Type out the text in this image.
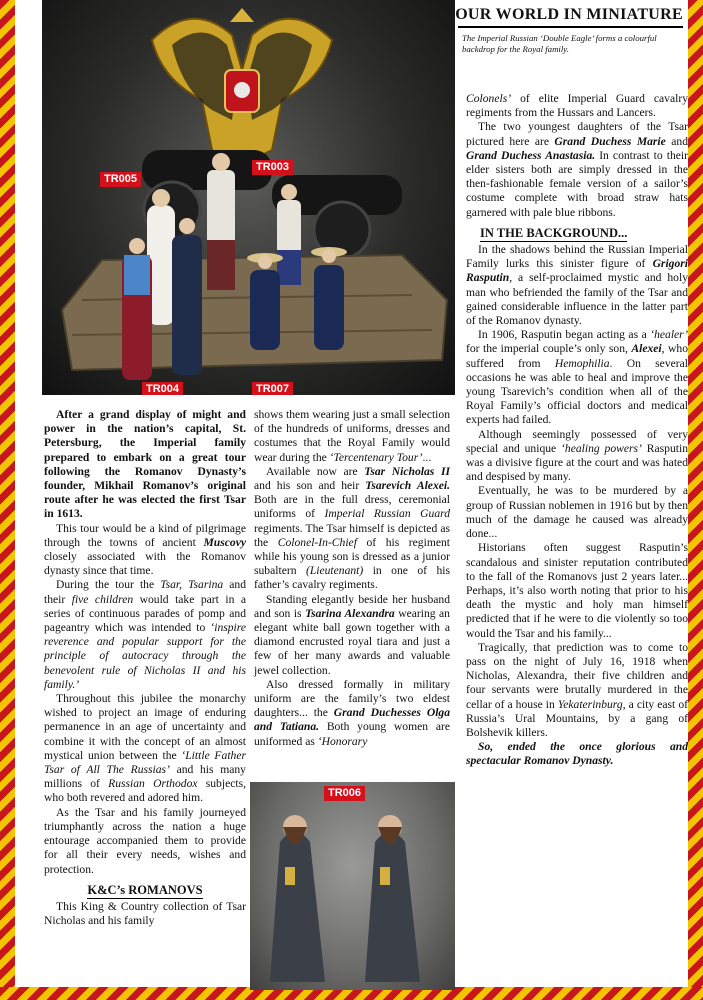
OUR WORLD IN MINIATURE
The Imperial Russian ‘Double Eagle’ forms a colourful backdrop for the Royal family.
TR005
TR003
TR004	TR007
TR006

After a grand display of might and power in the nation’s capital, St. Petersburg, the Imperial family prepared to embark on a great tour following the Romanov Dynasty’s founder, Mikhail Romanov’s original route after he was elected the first Tsar in 1613.

This tour would be a kind of pilgrimage through the towns of ancient Muscovy closely associated with the Romanov dynasty since that time.

During the tour the Tsar, Tsarina and their five children would take part in a series of continuous parades of pomp and pageantry which was intended to ‘inspire reverence and popular support for the principle of autocracy through the benevolent rule of Nicholas II and his family.’

Throughout this jubilee the monarchy wished to project an image of enduring permanence in an age of uncertainty and combine it with the concept of an almost mystical union between the ‘Little Father Tsar of All The Russias’ and his many millions of Russian Orthodox subjects, who both revered and adored him.

As the Tsar and his family journeyed triumphantly across the nation a huge entourage accompanied them to provide for all their every needs, wishes and protection.

K&C’s ROMANOVS

This King & Country collection of Tsar Nicholas and his family

shows them wearing just a small selection of the hundreds of uniforms, dresses and costumes that the Royal Family would wear during the ‘Tercentenary Tour’...

Available now are Tsar Nicholas II and his son and heir Tsarevich Alexei. Both are in the full dress, ceremonial uniforms of Imperial Russian Guard regiments. The Tsar himself is depicted as the Colonel-In-Chief of his regiment while his young son is dressed as a junior subaltern (Lieutenant) in one of his father’s cavalry regiments.

Standing elegantly beside her husband and son is Tsarina Alexandra wearing an elegant white ball gown together with a diamond encrusted royal tiara and just a few of her many awards and valuable jewel collection.

Also dressed formally in military uniform are the family’s two eldest daughters... the Grand Duchesses Olga and Tatiana. Both young women are uniformed as ‘Honorary

Colonels’ of elite Imperial Guard cavalry regiments from the Hussars and Lancers.

The two youngest daughters of the Tsar pictured here are Grand Duchess Marie and Grand Duchess Anastasia. In contrast to their elder sisters both are simply dressed in the then-fashionable female version of a sailor’s costume complete with broad straw hats garnered with pale blue ribbons.

IN THE BACKGROUND...

In the shadows behind the Russian Imperial Family lurks this sinister figure of Grigori Rasputin, a self-proclaimed mystic and holy man who befriended the family of the Tsar and gained considerable influence in the latter part of the Romanov dynasty.

In 1906, Rasputin began acting as a ‘healer’ for the imperial couple’s only son, Alexei, who suffered from Hemophilia. On several occasions he was able to heal and improve the young Tsarevich’s condition when all of the Royal Family’s official doctors and medical experts had failed.

Although seemingly possessed of very special and unique ‘healing powers’ Rasputin was a divisive figure at the court and was hated and despised by many.

Eventually, he was to be murdered by a group of Russian noblemen in 1916 but by then much of the damage he caused was already done...

Historians often suggest Rasputin’s scandalous and sinister reputation contributed to the fall of the Romanovs just 2 years later... Perhaps, it’s also worth noting that prior to his death the mystic and holy man himself predicted that if he were to die violently so too would the Tsar and his family...

Tragically, that prediction was to come to pass on the night of July 16, 1918 when Nicholas, Alexandra, their five children and four servants were brutally murdered in the cellar of a house in Yekaterinburg, a city east of Russia’s Ural Mountains, by a gang of Bolshevik killers.

So, ended the once glorious and spectacular Romanov Dynasty.
